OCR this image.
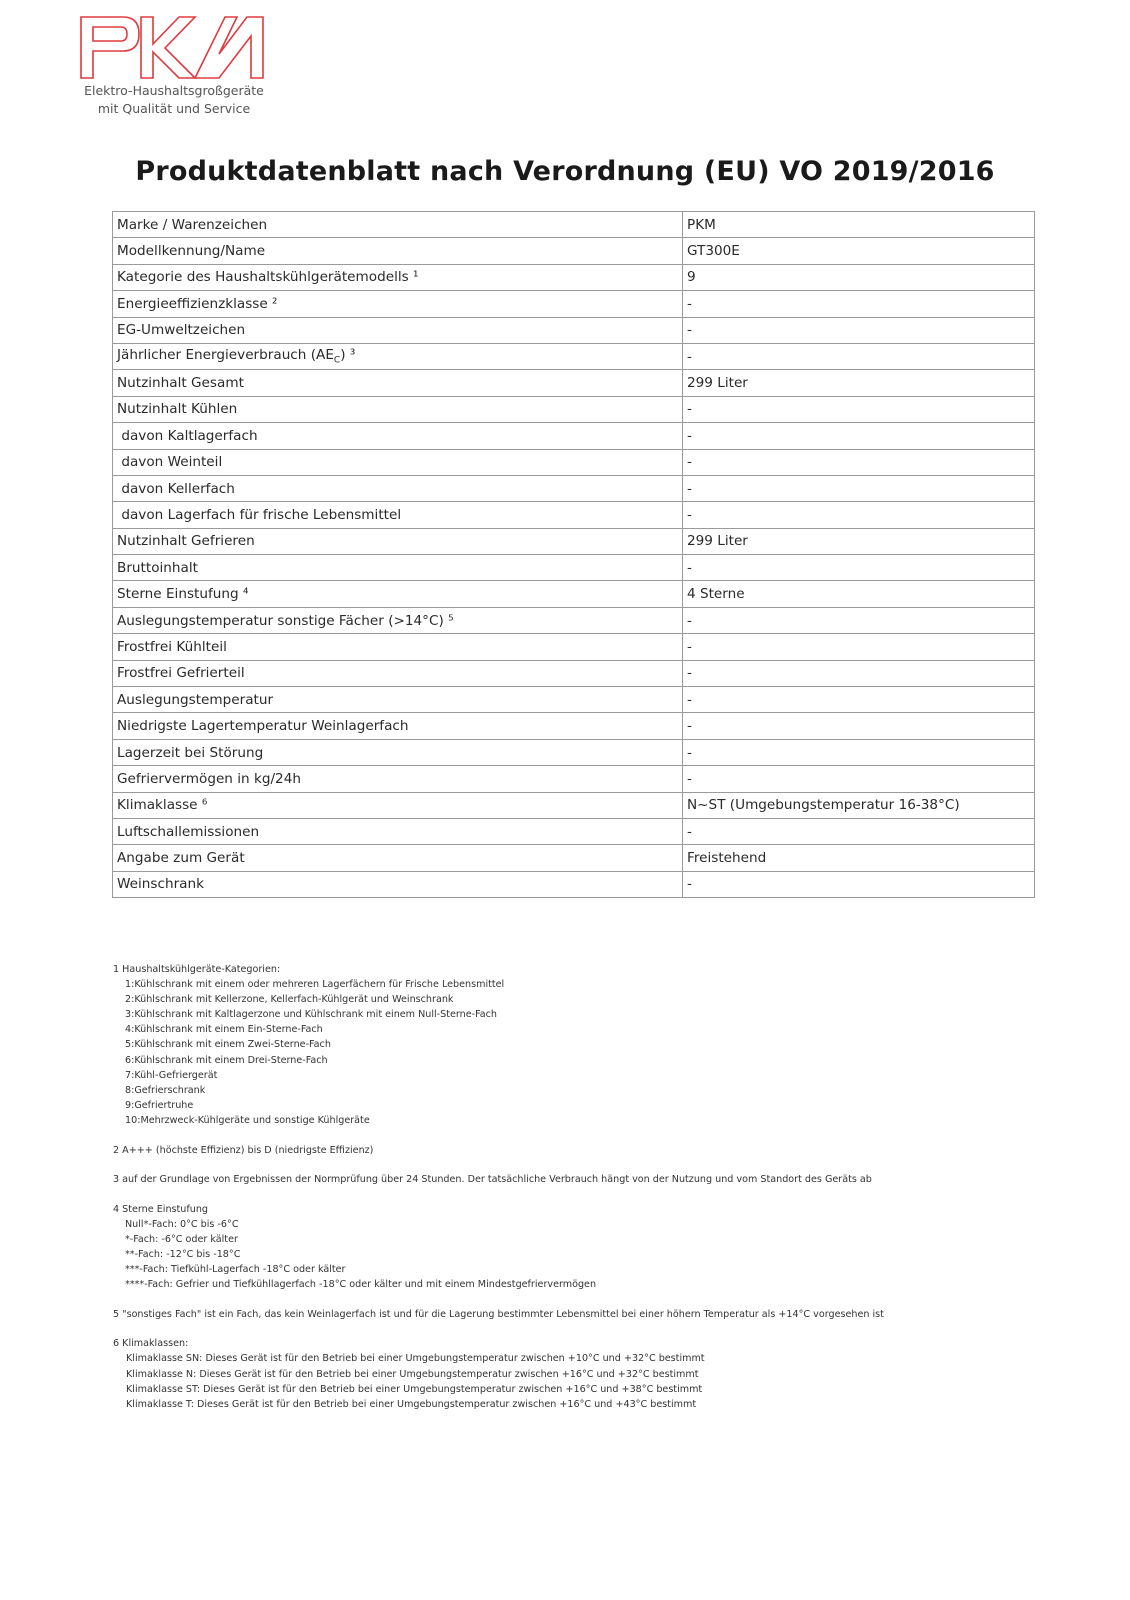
Elektro-Haushaltsgroßgeräte
mit Qualität und Service
Produktdatenblatt nach Verordnung (EU) VO 2019/2016
Marke / Warenzeichen	PKM
Modellkennung/Name	GT300E
Kategorie des Haushaltskühlgerätemodells ¹	9
Energieeffizienzklasse ²	-
EG-Umweltzeichen	-
Jährlicher Energieverbrauch $(AE_C)$ ³	-
Nutzinhalt Gesamt	299 Liter
Nutzinhalt Kühlen	-
davon Kaltlagerfach	-
davon Weinteil	-
davon Kellerfach	-
davon Lagerfach für frische Lebensmittel	-
Nutzinhalt Gefrieren	299 Liter
Bruttoinhalt	-
Sterne Einstufung ⁴	4 Sterne
Auslegungstemperatur sonstige Fächer (>14°C) ⁵	-
Frostfrei Kühlteil	-
Frostfrei Gefrierteil	-
Auslegungstemperatur	-
Niedrigste Lagertemperatur Weinlagerfach	-
Lagerzeit bei Störung	-
Gefriervermögen in kg/24h	-
Klimaklasse ⁶	N~ST (Umgebungstemperatur 16-38°C)
Luftschallemissionen	-
Angabe zum Gerät	Freistehend
Weinschrank	-
1 Haushaltskühlgeräte-Kategorien:
1:Kühlschrank mit einem oder mehreren Lagerfächern für Frische Lebensmittel
2:Kühlschrank mit Kellerzone, Kellerfach-Kühlgerät und Weinschrank
3:Kühlschrank mit Kaltlagerzone und Kühlschrank mit einem Null-Sterne-Fach
4:Kühlschrank mit einem Ein-Sterne-Fach
5:Kühlschrank mit einem Zwei-Sterne-Fach
6:Kühlschrank mit einem Drei-Sterne-Fach
7:Kühl-Gefriergerät
8:Gefrierschrank
9:Gefriertruhe
10:Mehrzweck-Kühlgeräte und sonstige Kühlgeräte
2 A+++ (höchste Effizienz) bis D (niedrigste Effizienz)
3 auf der Grundlage von Ergebnissen der Normprüfung über 24 Stunden. Der tatsächliche Verbrauch hängt von der Nutzung und vom Standort des Geräts ab
4 Sterne Einstufung
Null*-Fach: 0°C bis -6°C
*-Fach: -6°C oder kälter
**-Fach: -12°C bis -18°C
***-Fach: Tiefkühl-Lagerfach -18°C oder kälter
****-Fach: Gefrier und Tiefkühllagerfach -18°C oder kälter und mit einem Mindestgefriervermögen
5 "sonstiges Fach" ist ein Fach, das kein Weinlagerfach ist und für die Lagerung bestimmter Lebensmittel bei einer höhern Temperatur als +14°C vorgesehen ist
6 Klimaklassen:
Klimaklasse SN: Dieses Gerät ist für den Betrieb bei einer Umgebungstemperatur zwischen +10°C und +32°C bestimmt
Klimaklasse N: Dieses Gerät ist für den Betrieb bei einer Umgebungstemperatur zwischen +16°C und +32°C bestimmt
Klimaklasse ST: Dieses Gerät ist für den Betrieb bei einer Umgebungstemperatur zwischen +16°C und +38°C bestimmt
Klimaklasse T: Dieses Gerät ist für den Betrieb bei einer Umgebungstemperatur zwischen +16°C und +43°C bestimmt
